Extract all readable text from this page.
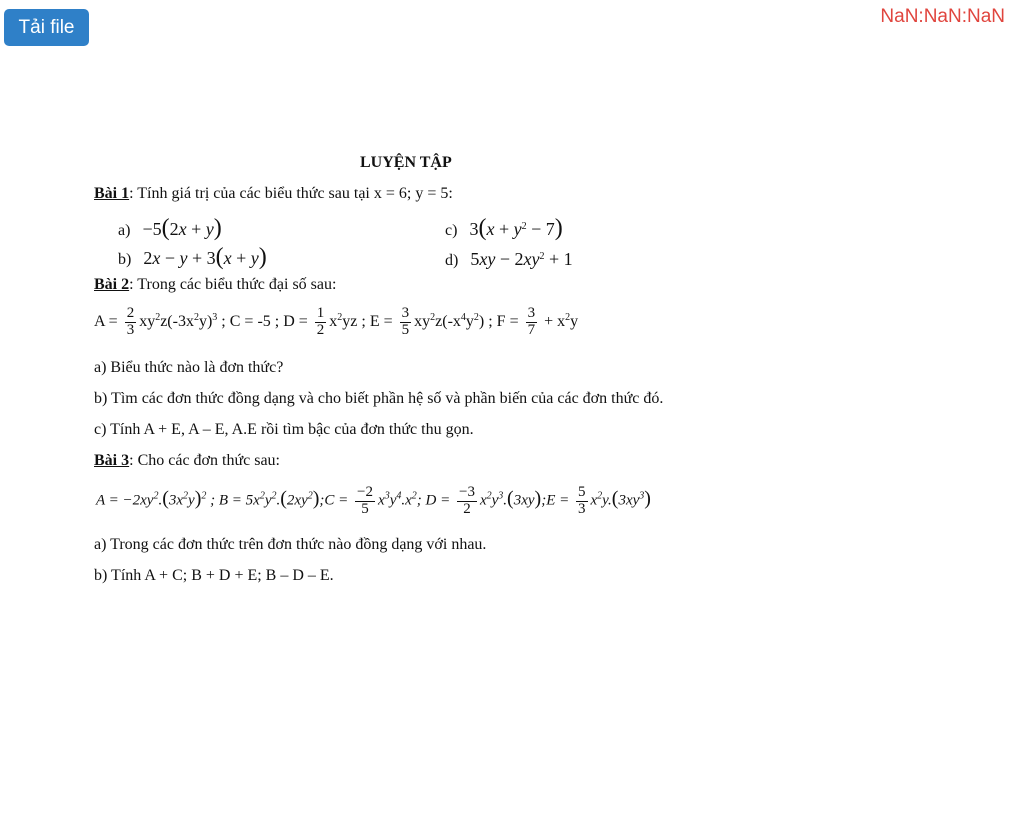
Tải file	NaN:NaN:NaN
LUYỆN TẬP
Bài 1: Tính giá trị của các biểu thức sau tại x = 6; y = 5:
a) −5(2x + y)	c) $3(x + y^2 - 7)$
b) 2x − y + 3(x + y)	d) $5xy - 2xy^2 + 1$
Bài 2: Trong các biểu thức đại số sau:
$A = \frac{2}{3} xy^2z(-3x^2y)^3$ ; C = -5 ; $D = \frac{1}{2} x^2yz$ ; $E = \frac{3}{5} xy^2z(-x^4y^2)$ ; $F = \frac{3}{7} + x^2y$
a) Biểu thức nào là đơn thức?
b) Tìm các đơn thức đồng dạng và cho biết phần hệ số và phần biến của các đơn thức đó.
c) Tính A + E, A – E, A.E rồi tìm bậc của đơn thức thu gọn.
Bài 3: Cho các đơn thức sau:
$A = -2xy^2.(3x^2y)^2$ ; $B = 5x^2y^2.(2xy^2);C = \frac{-2}{5} x^3y^4.x^2$; $D = \frac{-3}{2}$ $x^2y^3.(3xy);E = \frac{5}{3} x^2y.(3xy^3)$
a) Trong các đơn thức trên đơn thức nào đồng dạng với nhau.
b) Tính A + C; B + D + E; B – D – E.
